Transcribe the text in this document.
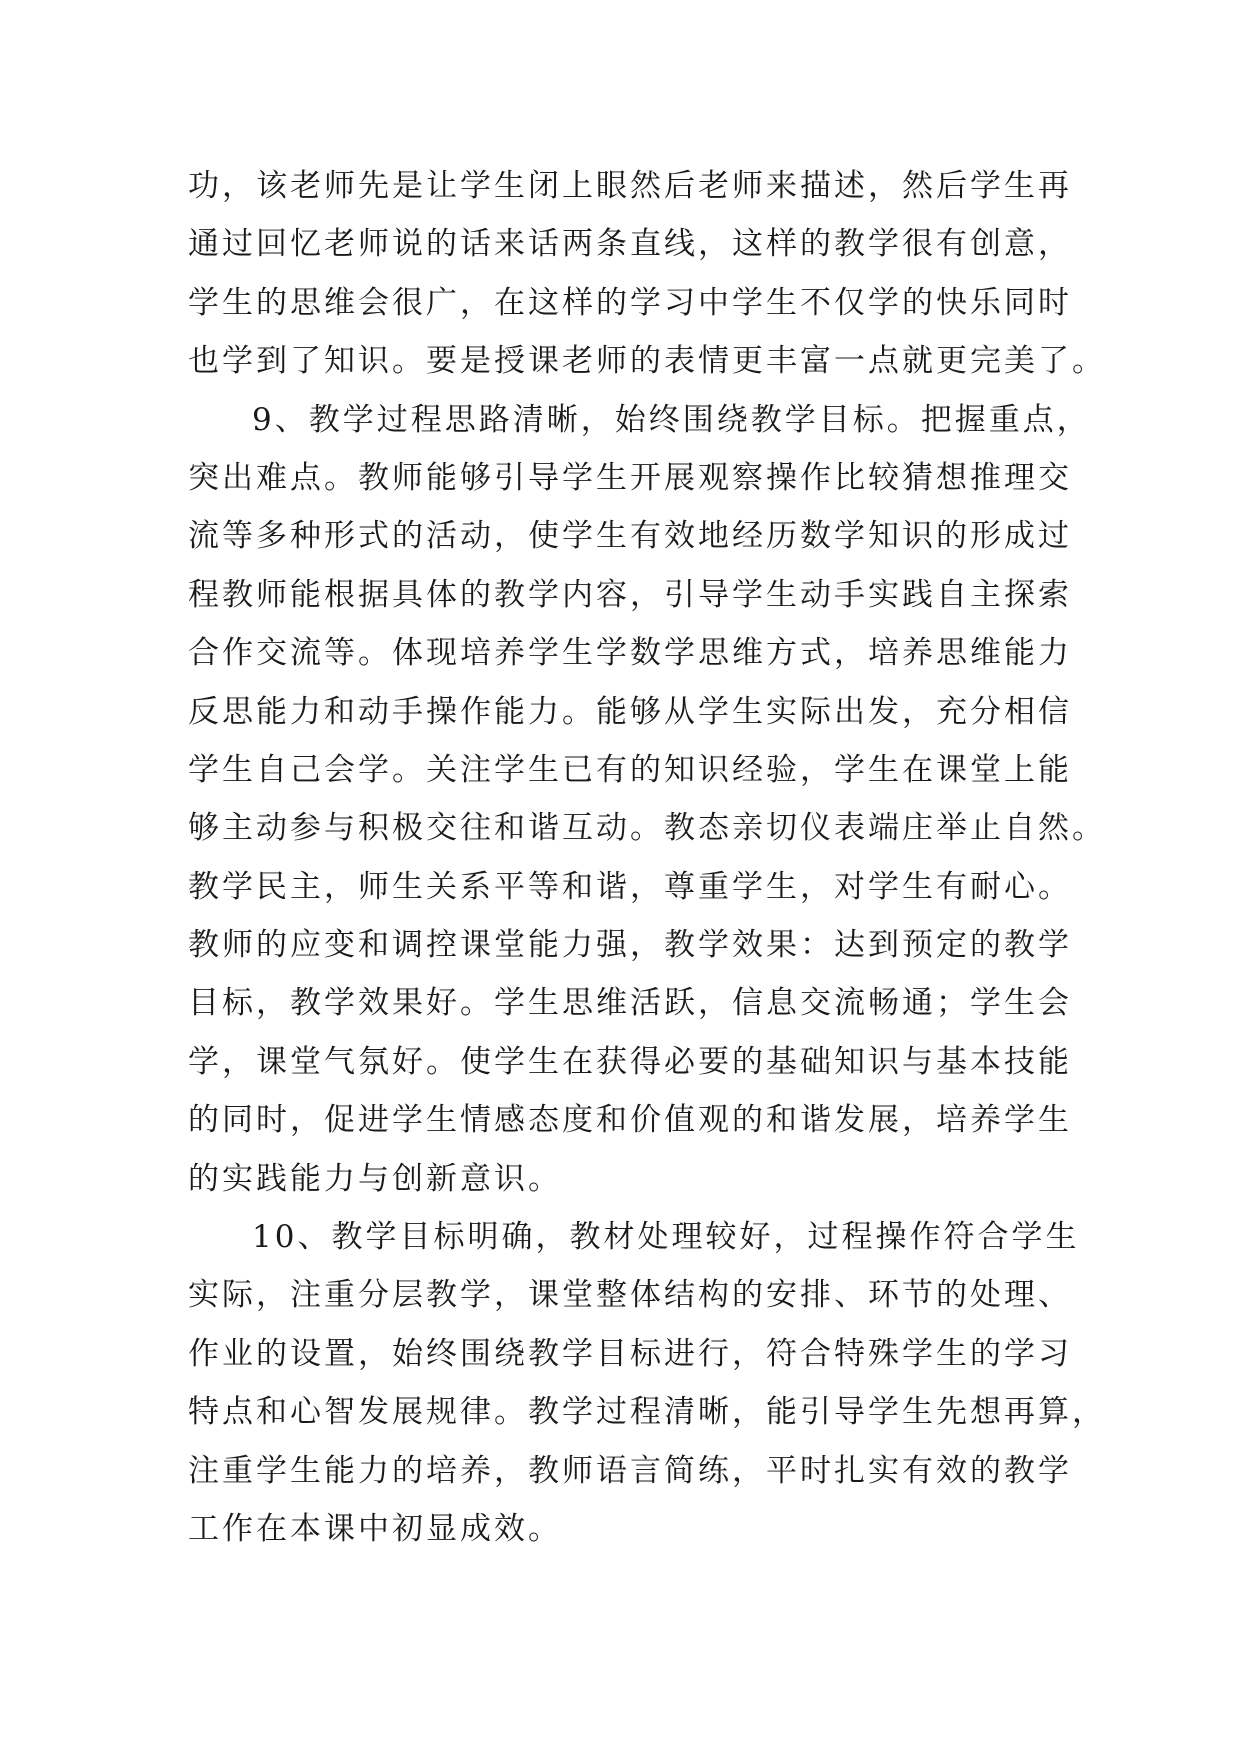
功，该老师先是让学生闭上眼然后老师来描述，然后学生再
通过回忆老师说的话来话两条直线，这样的教学很有创意，
学生的思维会很广，在这样的学习中学生不仅学的快乐同时
也学到了知识。要是授课老师的表情更丰富一点就更完美了。
9、教学过程思路清晰，始终围绕教学目标。把握重点，
突出难点。教师能够引导学生开展观察操作比较猜想推理交
流等多种形式的活动，使学生有效地经历数学知识的形成过
程教师能根据具体的教学内容，引导学生动手实践自主探索
合作交流等。体现培养学生学数学思维方式，培养思维能力
反思能力和动手操作能力。能够从学生实际出发，充分相信
学生自己会学。关注学生已有的知识经验，学生在课堂上能
够主动参与积极交往和谐互动。教态亲切仪表端庄举止自然。
教学民主，师生关系平等和谐，尊重学生，对学生有耐心。
教师的应变和调控课堂能力强，教学效果：达到预定的教学
目标，教学效果好。学生思维活跃，信息交流畅通；学生会
学，课堂气氛好。使学生在获得必要的基础知识与基本技能
的同时，促进学生情感态度和价值观的和谐发展，培养学生
的实践能力与创新意识。
10、教学目标明确，教材处理较好，过程操作符合学生
实际，注重分层教学，课堂整体结构的安排、环节的处理、
作业的设置，始终围绕教学目标进行，符合特殊学生的学习
特点和心智发展规律。教学过程清晰，能引导学生先想再算，
注重学生能力的培养，教师语言简练，平时扎实有效的教学
工作在本课中初显成效。
